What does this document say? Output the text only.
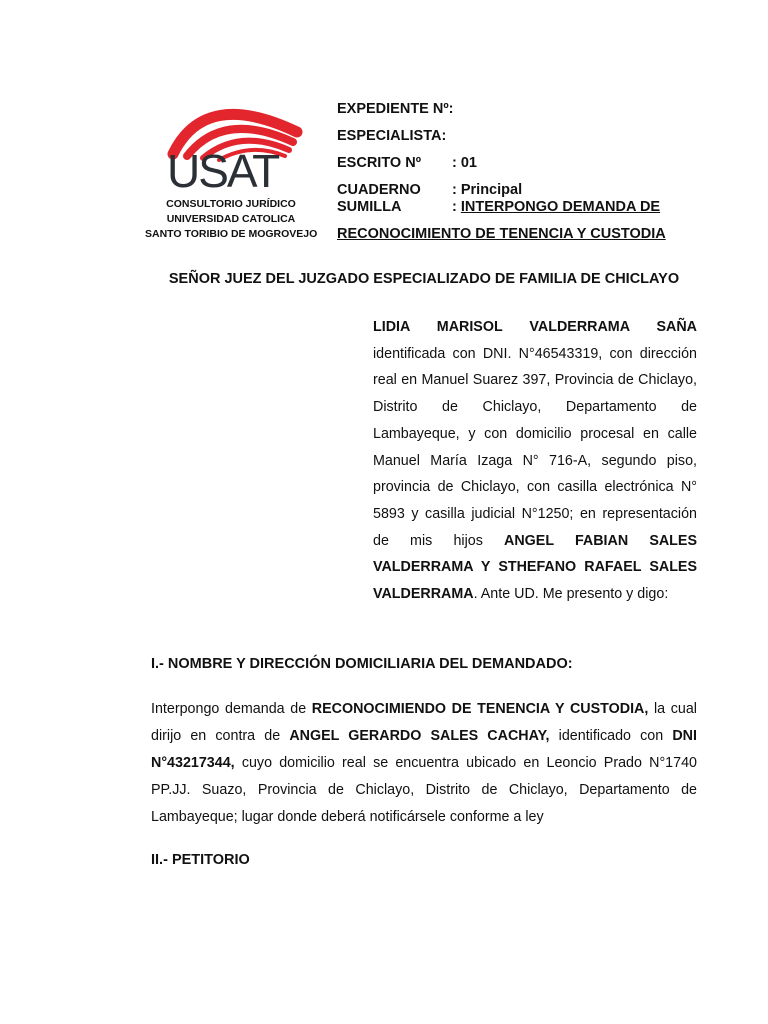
USAT
CONSULTORIO JURÍDICO
UNIVERSIDAD CATOLICA
SANTO TORIBIO DE MOGROVEJO
EXPEDIENTE Nº:
ESPECIALISTA:
ESCRITO Nº : 01
CUADERNO : Principal
SUMILLA	: INTERPONGO DEMANDA DE
RECONOCIMIENTO DE TENENCIA Y CUSTODIA
SEÑOR JUEZ DEL JUZGADO ESPECIALIZADO DE FAMILIA DE CHICLAYO
LIDIA MARISOL VALDERRAMA SAÑA identificada con DNI. N°46543319, con dirección real en Manuel Suarez 397, Provincia de Chiclayo, Distrito de Chiclayo, Departamento de Lambayeque, y con domicilio procesal en calle Manuel María Izaga N° 716-A, segundo piso, provincia de Chiclayo, con casilla electrónica N° 5893 y casilla judicial N°1250; en representación de mis hijos ANGEL FABIAN SALES VALDERRAMA Y STHEFANO RAFAEL SALES VALDERRAMA. Ante UD. Me presento y digo:
I.- NOMBRE Y DIRECCIÓN DOMICILIARIA DEL DEMANDADO:
Interpongo demanda de RECONOCIMIENDO DE TENENCIA Y CUSTODIA, la cual dirijo en contra de ANGEL GERARDO SALES CACHAY, identificado con DNI N°43217344, cuyo domicilio real se encuentra ubicado en Leoncio Prado N°1740 PP.JJ. Suazo, Provincia de Chiclayo, Distrito de Chiclayo, Departamento de Lambayeque; lugar donde deberá notificársele conforme a ley
II.- PETITORIO
